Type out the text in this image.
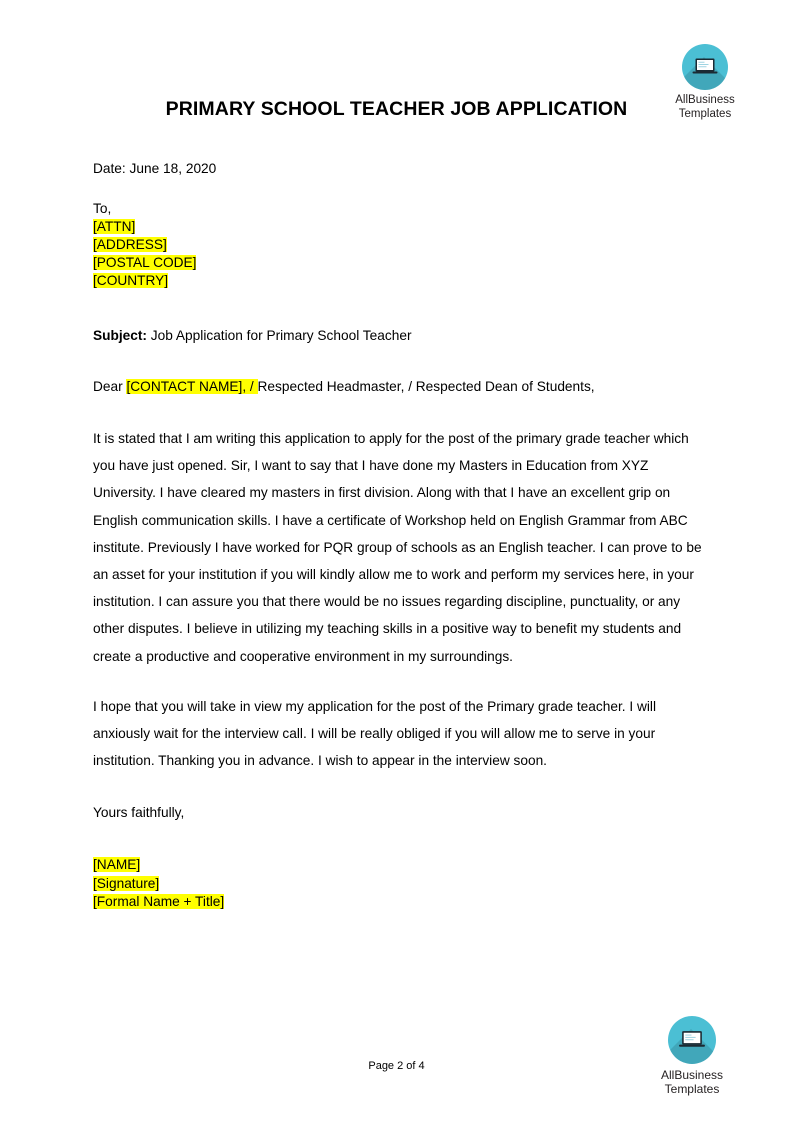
AllBusiness
Templates
PRIMARY SCHOOL TEACHER JOB APPLICATION
Date: June 18, 2020
To,
[ATTN]
[ADDRESS]
[POSTAL CODE]
[COUNTRY]
Subject: Job Application for Primary School Teacher
Dear [CONTACT NAME], / Respected Headmaster, / Respected Dean of Students,
It is stated that I am writing this application to apply for the post of the primary grade teacher which you have just opened. Sir, I want to say that I have done my Masters in Education from XYZ University. I have cleared my masters in first division. Along with that I have an excellent grip on English communication skills. I have a certificate of Workshop held on English Grammar from ABC institute. Previously I have worked for PQR group of schools as an English teacher. I can prove to be an asset for your institution if you will kindly allow me to work and perform my services here, in your institution. I can assure you that there would be no issues regarding discipline, punctuality, or any other disputes. I believe in utilizing my teaching skills in a positive way to benefit my students and create a productive and cooperative environment in my surroundings.
I hope that you will take in view my application for the post of the Primary grade teacher. I will anxiously wait for the interview call. I will be really obliged if you will allow me to serve in your institution. Thanking you in advance. I wish to appear in the interview soon.
Yours faithfully,
[NAME]
[Signature]
[Formal Name + Title]
Page 2 of 4
AllBusiness
Templates
